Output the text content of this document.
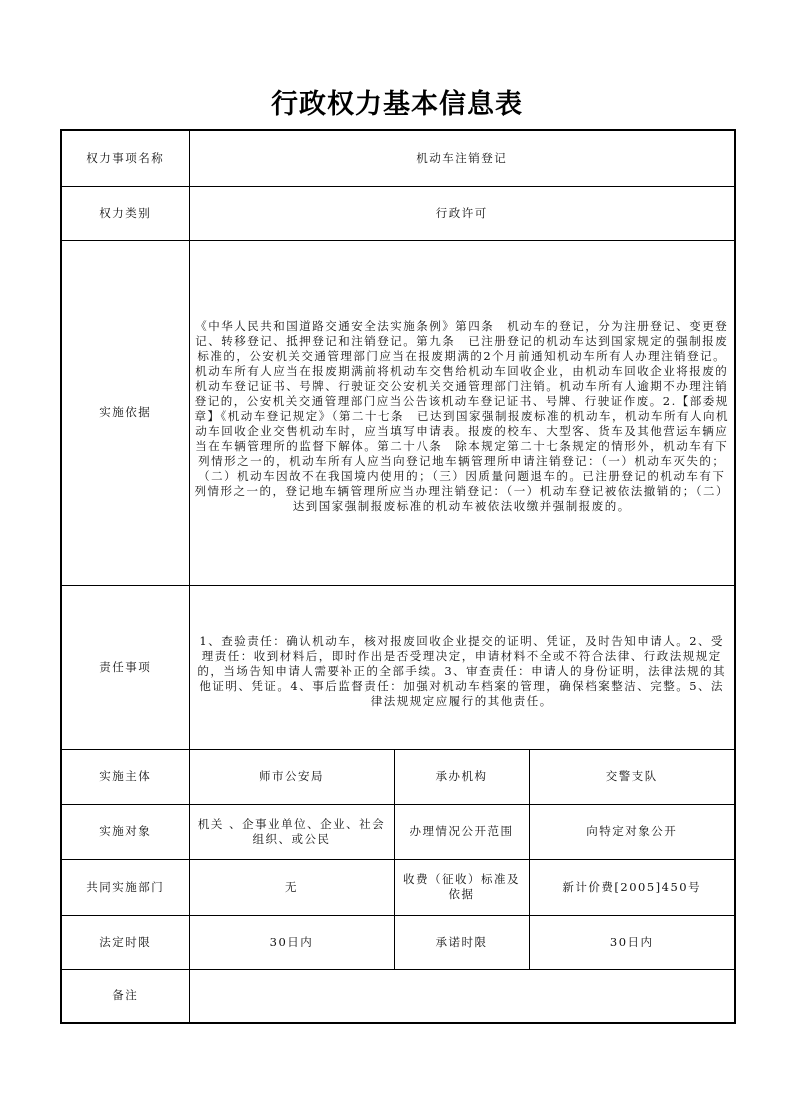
行政权力基本信息表
权力事项名称	机动车注销登记		
权力类别	行政许可		
实施依据	《中华人民共和国道路交通安全法实施条例》第四条　机动车的登记，分为注册登记、变更登记、转移登记、抵押登记和注销登记。第九条　已注册登记的机动车达到国家规定的强制报废标准的，公安机关交通管理部门应当在报废期满的2个月前通知机动车所有人办理注销登记。机动车所有人应当在报废期满前将机动车交售给机动车回收企业，由机动车回收企业将报废的机动车登记证书、号牌、行驶证交公安机关交通管理部门注销。机动车所有人逾期不办理注销登记的，公安机关交通管理部门应当公告该机动车登记证书、号牌、行驶证作废。2.【部委规章】《机动车登记规定》（第二十七条　已达到国家强制报废标准的机动车，机动车所有人向机动车回收企业交售机动车时，应当填写申请表。报废的校车、大型客、货车及其他营运车辆应当在车辆管理所的监督下解体。第二十八条　除本规定第二十七条规定的情形外，机动车有下列情形之一的，机动车所有人应当向登记地车辆管理所申请注销登记：（一）机动车灭失的；（二）机动车因故不在我国境内使用的；（三）因质量问题退车的。已注册登记的机动车有下列情形之一的，登记地车辆管理所应当办理注销登记：（一）机动车登记被依法撤销的；（二）达到国家强制报废标准的机动车被依法收缴并强制报废的。		

责任事项	1、查验责任：确认机动车，核对报废回收企业提交的证明、凭证，及时告知申请人。2、受理责任：收到材料后，即时作出是否受理决定，申请材料不全或不符合法律、行政法规规定的，当场告知申请人需要补正的全部手续。3、审查责任：申请人的身份证明，法律法规的其他证明、凭证。4、事后监督责任：加强对机动车档案的管理，确保档案整洁、完整。5、法律法规规定应履行的其他责任。		

实施主体	师市公安局	承办机构	交警支队
实施对象	机关 、企事业单位、企业、社会组织、或公民	办理情况公开范围	向特定对象公开
共同实施部门	无	收费（征收）标准及依据	新计价费[2005]450号
法定时限	30日内	承诺时限	30日内
备注			
